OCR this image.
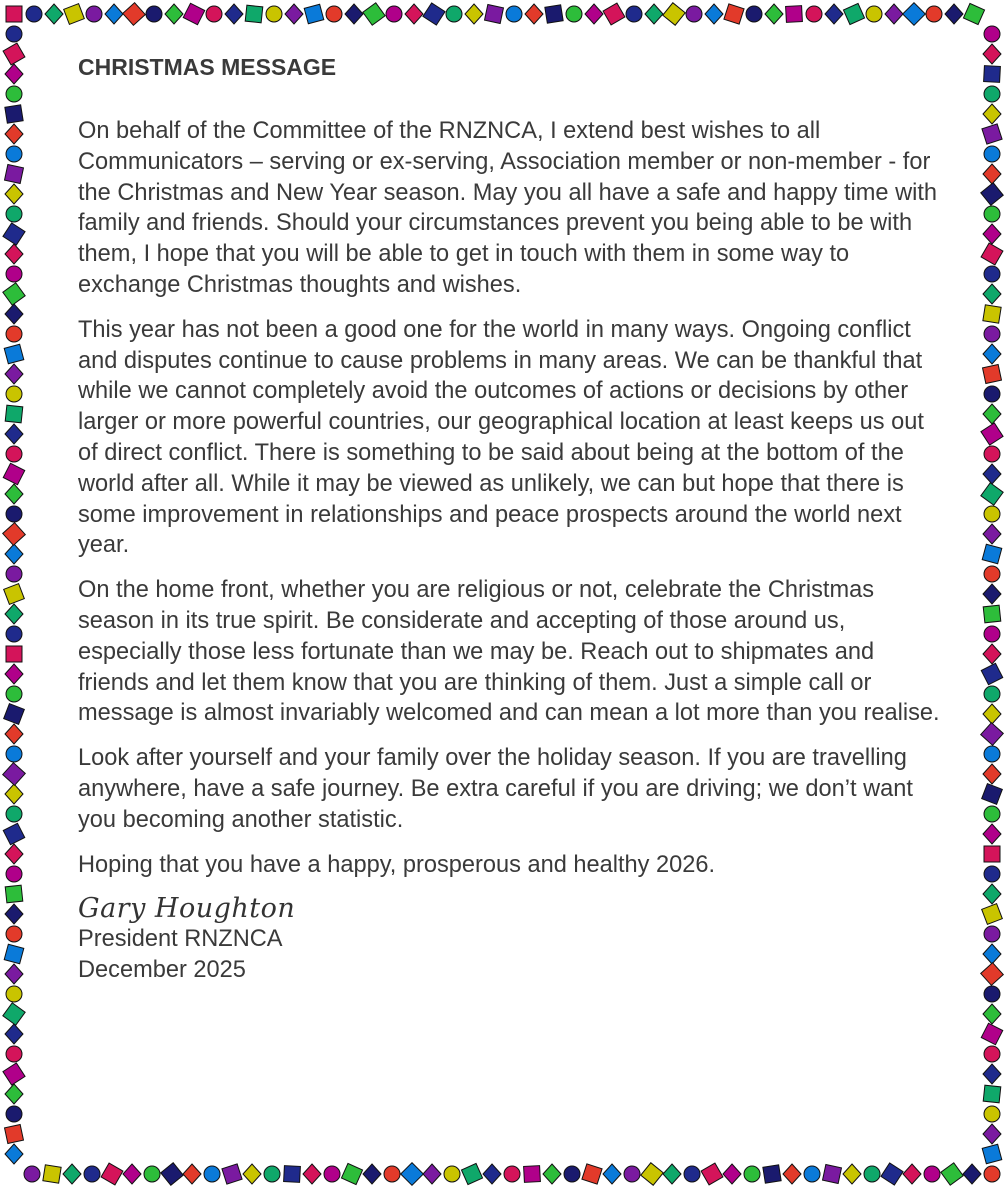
CHRISTMAS MESSAGE

On behalf of the Committee of the RNZNCA, I extend best wishes to all Communicators – serving or ex-serving, Association member or non-member - for the Christmas and New Year season. May you all have a safe and happy time with family and friends. Should your circumstances prevent you being able to be with them, I hope that you will be able to get in touch with them in some way to exchange Christmas thoughts and wishes.

This year has not been a good one for the world in many ways. Ongoing conflict and disputes continue to cause problems in many areas. We can be thankful that while we cannot completely avoid the outcomes of actions or decisions by other larger or more powerful countries, our geographical location at least keeps us out of direct conflict. There is something to be said about being at the bottom of the world after all. While it may be viewed as unlikely, we can but hope that there is some improvement in relationships and peace prospects around the world next year.

On the home front, whether you are religious or not, celebrate the Christmas season in its true spirit. Be considerate and accepting of those around us, especially those less fortunate than we may be. Reach out to shipmates and friends and let them know that you are thinking of them. Just a simple call or message is almost invariably welcomed and can mean a lot more than you realise.

Look after yourself and your family over the holiday season. If you are travelling anywhere, have a safe journey. Be extra careful if you are driving; we don’t want you becoming another statistic.

Hoping that you have a happy, prosperous and healthy 2026.

Gary Houghton
President RNZNCA
December 2025
